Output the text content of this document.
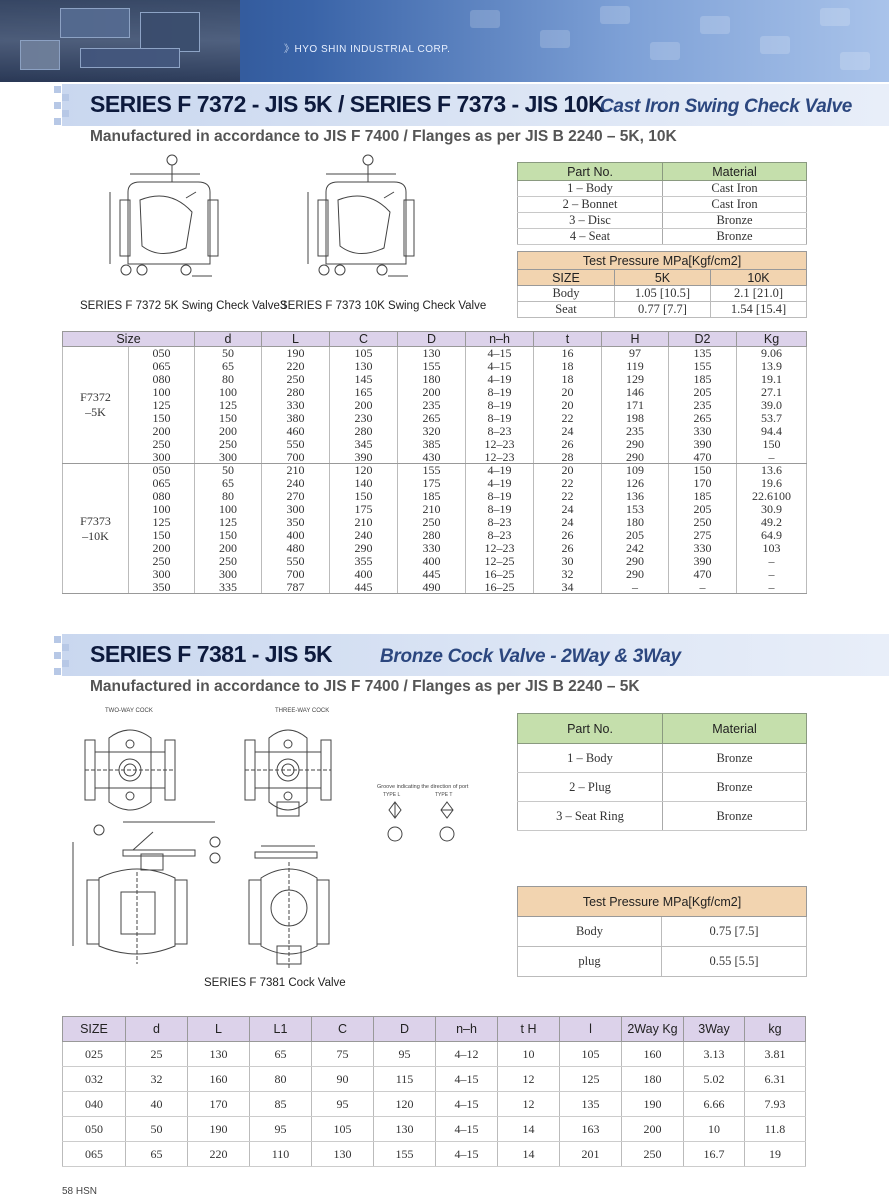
》HYO SHIN INDUSTRIAL CORP.
SERIES F 7372 - JIS 5K / SERIES F 7373 - JIS 10K
Cast Iron Swing Check Valve
Manufactured in accordance to JIS F 7400 / Flanges as per JIS B 2240 – 5K, 10K
SERIES F 7372 5K Swing Check Valve3
SERIES F 7373 10K Swing Check Valve
Part No.	Material
1 – Body	Cast Iron
2 – Bonnet	Cast Iron
3 – Disc	Bronze
4 – Seat	Bronze
Test Pressure MPa[Kgf/cm2]		
SIZE	5K	10K
Body	1.05 [10.5]	2.1 [21.0]
Seat	0.77 [7.7]	1.54 [15.4]
Size		d	L	C	D	n–h	t	H	D2	Kg
F7372
–5K	050	50	190	105	130	4–15	16	97	135	9.06
	065	65	220	130	155	4–15	18	119	155	13.9
	080	80	250	145	180	4–19	18	129	185	19.1
	100	100	280	165	200	8–19	20	146	205	27.1
	125	125	330	200	235	8–19	20	171	235	39.0
	150	150	380	230	265	8–19	22	198	265	53.7
	200	200	460	280	320	8–23	24	235	330	94.4
	250	250	550	345	385	12–23	26	290	390	150
	300	300	700	390	430	12–23	28	290	470	–
F7373
–10K	050	50	210	120	155	4–19	20	109	150	13.6
	065	65	240	140	175	4–19	22	126	170	19.6
	080	80	270	150	185	8–19	22	136	185	22.6100
	100	100	300	175	210	8–19	24	153	205	30.9
	125	125	350	210	250	8–23	24	180	250	49.2
	150	150	400	240	280	8–23	26	205	275	64.9
	200	200	480	290	330	12–23	26	242	330	103
	250	250	550	355	400	12–25	30	290	390	–
	300	300	700	400	445	16–25	32	290	470	–
	350	335	787	445	490	16–25	34	–	–	–
SERIES F 7381 - JIS 5K	Bronze Cock Valve - 2Way & 3Way
Manufactured in accordance to JIS F 7400 / Flanges as per JIS B 2240 – 5K
TWO-WAY COCK	THREE-WAY COCK
Groove indicating the direction of port
TYPE L	TYPE T
SERIES F 7381 Cock Valve
Part No.	Material
1 – Body	Bronze
2 – Plug	Bronze
3 – Seat Ring	Bronze
Test Pressure MPa[Kgf/cm2]	
Body	0.75 [7.5]
plug	0.55 [5.5]
SIZE	d	L	L1	C	D	n–h	t H	l	2Way Kg	3Way	kg
025	25	130	65	75	95	4–12	10	105	160	3.13	3.81
032	32	160	80	90	115	4–15	12	125	180	5.02	6.31
040	40	170	85	95	120	4–15	12	135	190	6.66	7.93
050	50	190	95	105	130	4–15	14	163	200	10	11.8
065	65	220	110	130	155	4–15	14	201	250	16.7	19
58 HSN
